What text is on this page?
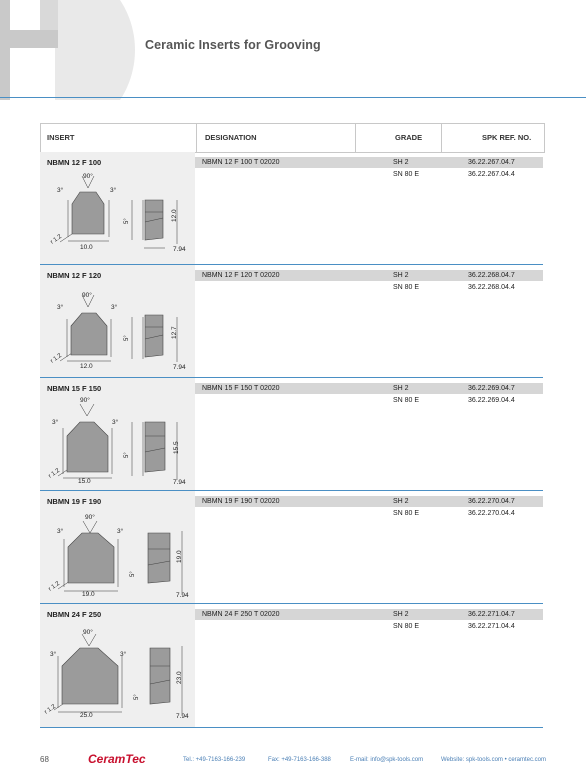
Ceramic Inserts for Grooving
INSERT	DESIGNATION	GRADE	SPK REF. NO.
NBMN 12 F 100
90°
3°	3°
r 1.2
10.0
12.0
7.94
5°
NBMN 12 F 100 T 02020	SH 2	36.22.267.04.7
SN 80 E	36.22.267.04.4
NBMN 12 F 120
90°
3°	3°
r 1.2
12.0
12.7
7.94
5°
NBMN 12 F 120 T 02020	SH 2	36.22.268.04.7
SN 80 E	36.22.268.04.4
NBMN 15 F 150
90°
3°	3°
r 1.2
15.0
15.5
7.94
5°
NBMN 15 F 150 T 02020	SH 2	36.22.269.04.7
SN 80 E	36.22.269.04.4
NBMN 19 F 190
90°
3°	3°
r 1.2
19.0
19.0
7.94
5°
NBMN 19 F 190 T 02020	SH 2	36.22.270.04.7
SN 80 E	36.22.270.04.4
NBMN 24 F 250
90°
3°	3°
r 1.2	25.0
23.0
7.94
5°
NBMN 24 F 250 T 02020	SH 2	36.22.271.04.7
SN 80 E	36.22.271.04.4
68	CeramTec	Tel.: +49-7163-166-239	Fax: +49-7163-166-388	E-mail: info@spk-tools.com	Website: spk-tools.com • ceramtec.com
